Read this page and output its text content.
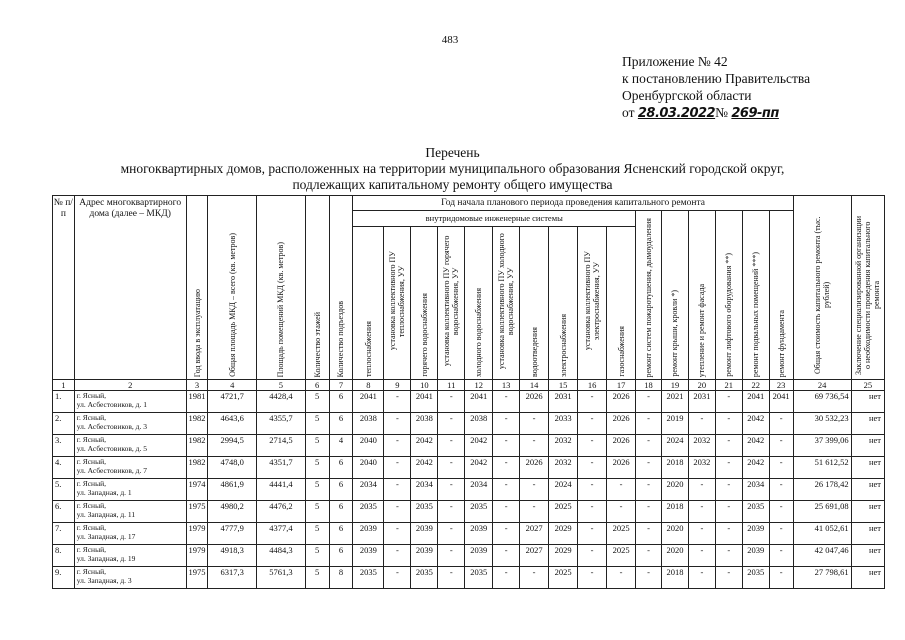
483
Приложение № 42
к постановлению Правительства
Оренбургской области
от 28.03.2022№ 269-пп
Перечень
многоквартирных домов, расположенных на территории муниципального образования Ясненский городской округ,
подлежащих капитальному ремонту общего имущества
№ п/п	Адрес многоквартирного дома (далее – МКД)	Год ввода в эксплуатацию	Общая площадь МКД – всего (кв. метров)	Площадь помещений МКД (кв. метров)	Количество этажей	Количество подъездов	Год начала планового периода проведения капитального ремонта																Общая стоимость капитального ремонта (тыс. рублей)	Заключение специализированной организации о необходимости проведения капитального ремонта
							внутридомовые инженерные системы										ремонт систем пожаротушения, дымоудаления	ремонт крыши, кровли *)	утепление и ремонт фасада	ремонт лифтового оборудования **)	ремонт подвальных помещений ***)	ремонт фундамента		
							теплоснабжения	установка коллективного ПУ теплоснабжения, УУ	горячего водоснабжения	установка коллективного ПУ горячего водоснабжения, УУ	холодного водоснабжения	установка коллективного ПУ холодного водоснабжения, УУ	водоотведения	электроснабжения	установка коллективного ПУ электроснабжения, УУ	газоснабжения								
1	2	3	4	5	6	7	8	9	10	11	12	13	14	15	16	17	18	19	20	21	22	23	24	25
1.	г. Ясный,
ул. Асбестовиков, д. 1	1981	4721,7	4428,4	5	6	2041	-	2041	-	2041	-	2026	2031	-	2026	-	2021	2031	-	2041	2041	69 736,54	нет
2.	г. Ясный,
ул. Асбестовиков, д. 3	1982	4643,6	4355,7	5	6	2038	-	2038	-	2038	-	-	2033	-	2026	-	2019	-	-	2042	-	30 532,23	нет
3.	г. Ясный,
ул. Асбестовиков, д. 5	1982	2994,5	2714,5	5	4	2040	-	2042	-	2042	-	-	2032	-	2026	-	2024	2032	-	2042	-	37 399,06	нет
4.	г. Ясный,
ул. Асбестовиков, д. 7	1982	4748,0	4351,7	5	6	2040	-	2042	-	2042	-	2026	2032	-	2026	-	2018	2032	-	2042	-	51 612,52	нет
5.	г. Ясный,
ул. Западная, д. 1	1974	4861,9	4441,4	5	6	2034	-	2034	-	2034	-	-	2024	-	-	-	2020	-	-	2034	-	26 178,42	нет
6.	г. Ясный,
ул. Западная, д. 11	1975	4980,2	4476,2	5	6	2035	-	2035	-	2035	-	-	2025	-	-	-	2018	-	-	2035	-	25 691,08	нет
7.	г. Ясный,
ул. Западная, д. 17	1979	4777,9	4377,4	5	6	2039	-	2039	-	2039	-	2027	2029	-	2025	-	2020	-	-	2039	-	41 052,61	нет
8.	г. Ясный,
ул. Западная, д. 19	1979	4918,3	4484,3	5	6	2039	-	2039	-	2039	-	2027	2029	-	2025	-	2020	-	-	2039	-	42 047,46	нет
9.	г. Ясный,
ул. Западная, д. 3	1975	6317,3	5761,3	5	8	2035	-	2035	-	2035	-	-	2025	-	-	-	2018	-	-	2035	-	27 798,61	нет
